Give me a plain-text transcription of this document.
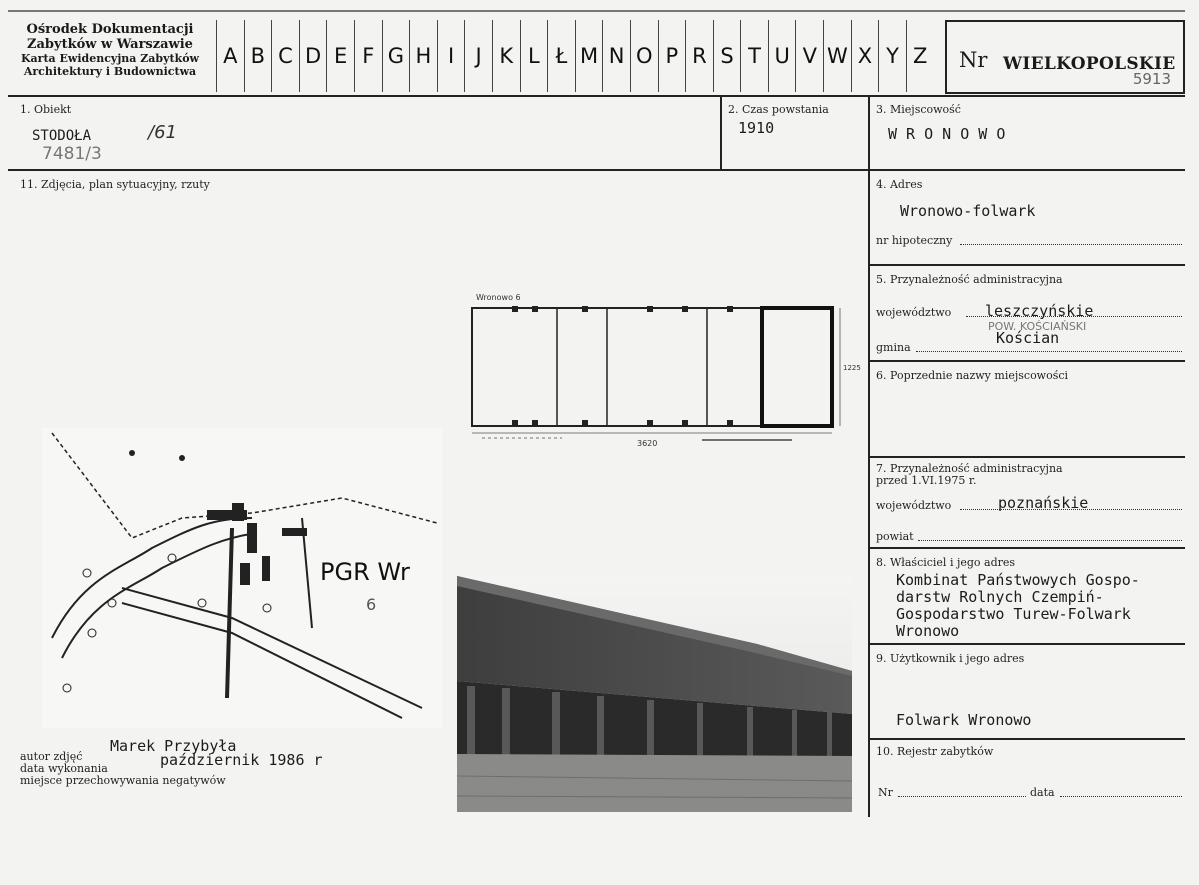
Ośrodek Dokumentacji
Zabytków w Warszawie
Karta Ewidencyjna Zabytków
Architektury i Budownictwa
A B C D E F G H I	J K L Ł M N O P R S T U V W X Y Z Nr WIELKOPOLSKIE
5913
1. Obiekt
STODOŁA	/61
7481/3
2. Czas powstania
1910
3. Miejscowość
W R O N O W O
11. Zdjęcia, plan sytuacyjny, rzuty	4. Adres
Wronowo-folwark
nr hipoteczny
5. Przynależność administracyjna
województwo leszczyńskie
POW. KOŚCIAŃSKI
gmina
Kościan
6. Poprzednie nazwy miejscowości
7. Przynależność administracyjna
przed 1.VI.1975 r.
województwo	poznańskie
powiat
8. Właściciel i jego adres
Kombinat Państwowych Gospo-
darstw Rolnych Czempiń-
Gospodarstwo Turew-Folwark
Wronowo
9. Użytkownik i jego adres
Folwark Wronowo
10. Rejestr zabytków
Nr	data
autor zdjęć
Marek Przybyła
data wykonania	październik 1986 r
miejsce przechowywania negatywów
PGR Wr
6
Wronowo 6
3620
1225
